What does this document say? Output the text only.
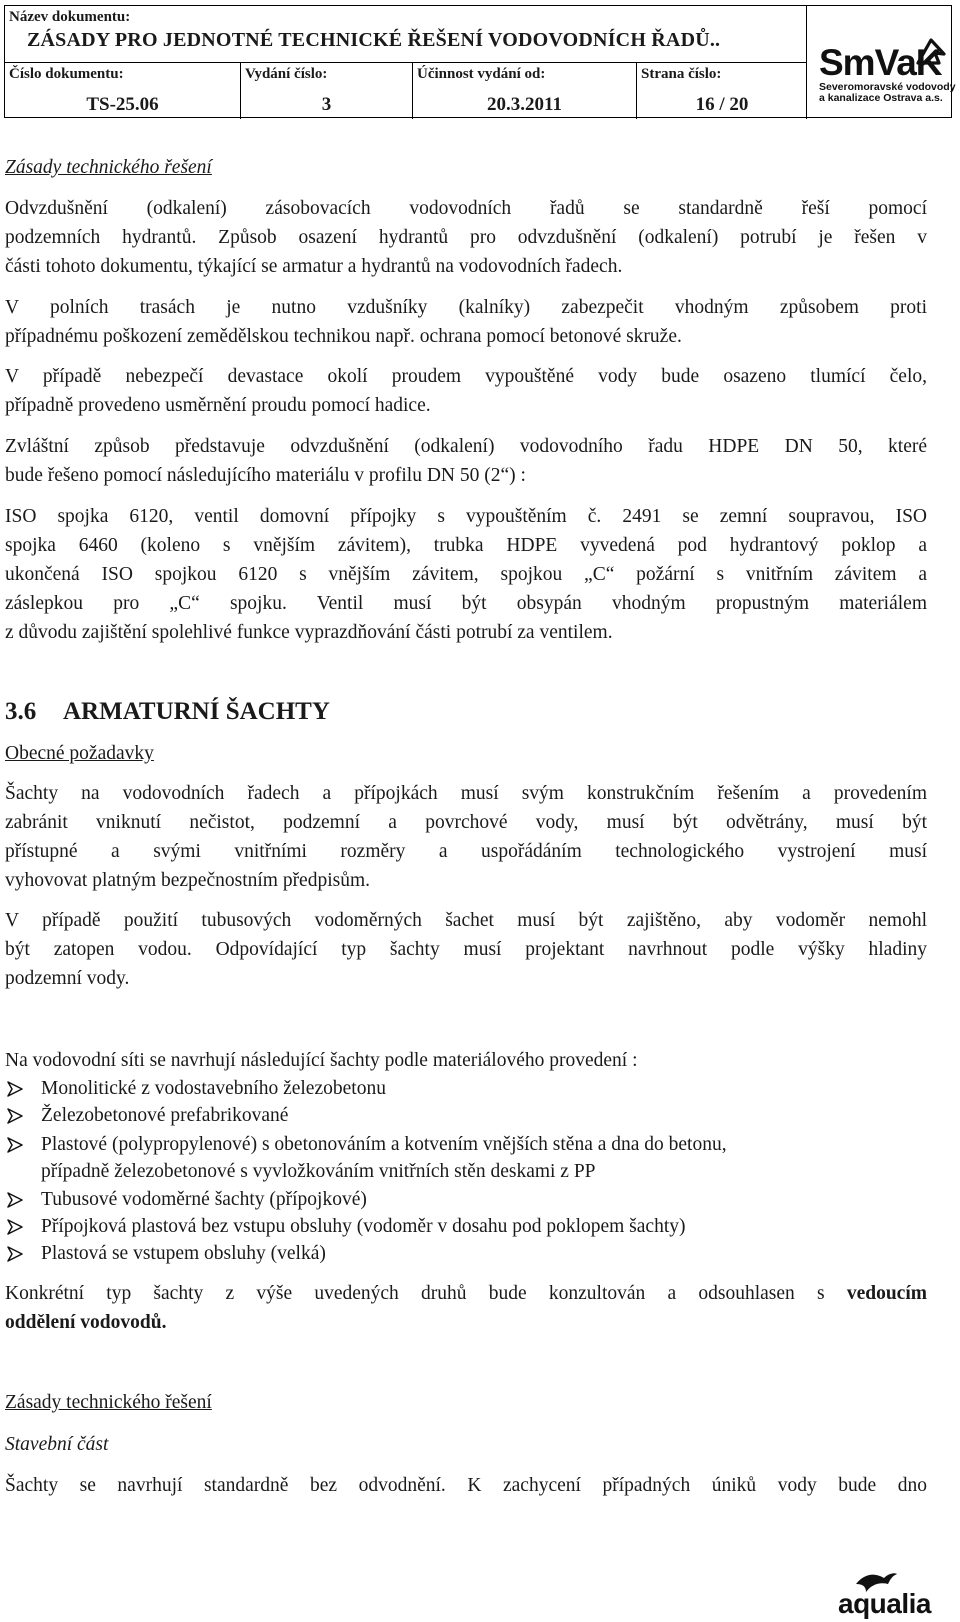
Název dokumentu:
ZÁSADY PRO JEDNOTNÉ TECHNICKÉ ŘEŠENÍ VODOVODNÍCH ŘADŮ..
Číslo dokumentu:
TS-25.06
Vydání číslo:
3
Účinnost vydání od:
20.3.2011
Strana číslo:
16 / 20
SmVaK
Severomoravské vodovody
a kanalizace Ostrava a.s.
Zásady technického řešení
Odvzdušnění (odkalení) zásobovacích vodovodních řadů se standardně řeší pomocí
podzemních hydrantů. Způsob osazení hydrantů pro odvzdušnění (odkalení) potrubí je řešen v
části tohoto dokumentu, týkající se armatur a hydrantů na vodovodních řadech.
V polních trasách je nutno vzdušníky (kalníky) zabezpečit vhodným způsobem proti
případnému poškození zemědělskou technikou např. ochrana pomocí betonové skruže.
V případě nebezpečí devastace okolí proudem vypouštěné vody bude osazeno tlumící čelo,
případně provedeno usměrnění proudu pomocí hadice.
Zvláštní způsob představuje odvzdušnění (odkalení) vodovodního řadu HDPE DN 50, které
bude řešeno pomocí následujícího materiálu v profilu DN 50 (2“) :
ISO spojka 6120, ventil domovní přípojky s vypouštěním č. 2491 se zemní soupravou, ISO
spojka 6460 (koleno s vnějším závitem), trubka HDPE vyvedená pod hydrantový poklop a
ukončená ISO spojkou 6120 s vnějším závitem, spojkou „C“ požární s vnitřním závitem a
záslepkou pro „C“ spojku. Ventil musí být obsypán vhodným propustným materiálem
z důvodu zajištění spolehlivé funkce vyprazdňování části potrubí za ventilem.
3.6 ARMATURNÍ ŠACHTY
Obecné požadavky
Šachty na vodovodních řadech a přípojkách musí svým konstrukčním řešením a provedením
zabránit vniknutí nečistot, podzemní a povrchové vody, musí být odvětrány, musí být
přístupné a svými vnitřními rozměry a uspořádáním technologického vystrojení musí
vyhovovat platným bezpečnostním předpisům.
V případě použití tubusových vodoměrných šachet musí být zajištěno, aby vodoměr nemohl
být zatopen vodou. Odpovídající typ šachty musí projektant navrhnout podle výšky hladiny
podzemní vody.
Na vodovodní síti se navrhují následující šachty podle materiálového provedení :
Monolitické z vodostavebního železobetonu
Železobetonové prefabrikované
Plastové (polypropylenové) s obetonováním a kotvením vnějších stěna a dna do betonu,
případně železobetonové s vyvložkováním vnitřních stěn deskami z PP
Tubusové vodoměrné šachty (přípojkové)
Přípojková plastová bez vstupu obsluhy (vodoměr v dosahu pod poklopem šachty)
Plastová se vstupem obsluhy (velká)
Konkrétní typ šachty z výše uvedených druhů bude konzultován a odsouhlasen s vedoucím
oddělení vodovodů.
Zásady technického řešení
Stavební část
Šachty se navrhují standardně bez odvodnění. K zachycení případných úniků vody bude dno
aqualia
